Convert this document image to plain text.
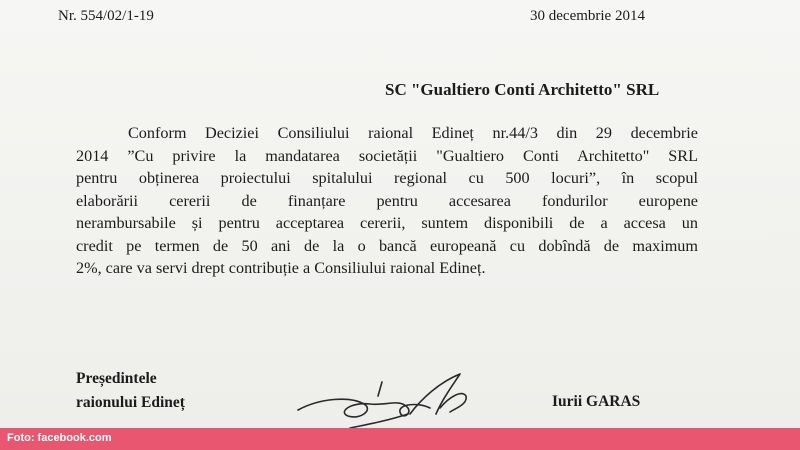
Nr. 554/02/1-19	30 decembrie 2014
SC "Gualtiero Conti Architetto" SRL
Conform Deciziei Consiliului raional Edineț nr.44/3 din 29 decembrie
2014 ”Cu privire la mandatarea societății "Gualtiero Conti Architetto" SRL
pentru obținerea proiectului spitalului regional cu 500 locuri”, în scopul
elaborării cererii de finanțare pentru accesarea fondurilor europene
nerambursabile și pentru acceptarea cererii, suntem disponibili de a accesa un
credit pe termen de 50 ani de la o bancă europeană cu dobîndă de maximum
2%, care va servi drept contribuție a Consiliului raional Edineț.
Președintele
raionului Edineț	Iurii GARAS
Foto: facebook.com
